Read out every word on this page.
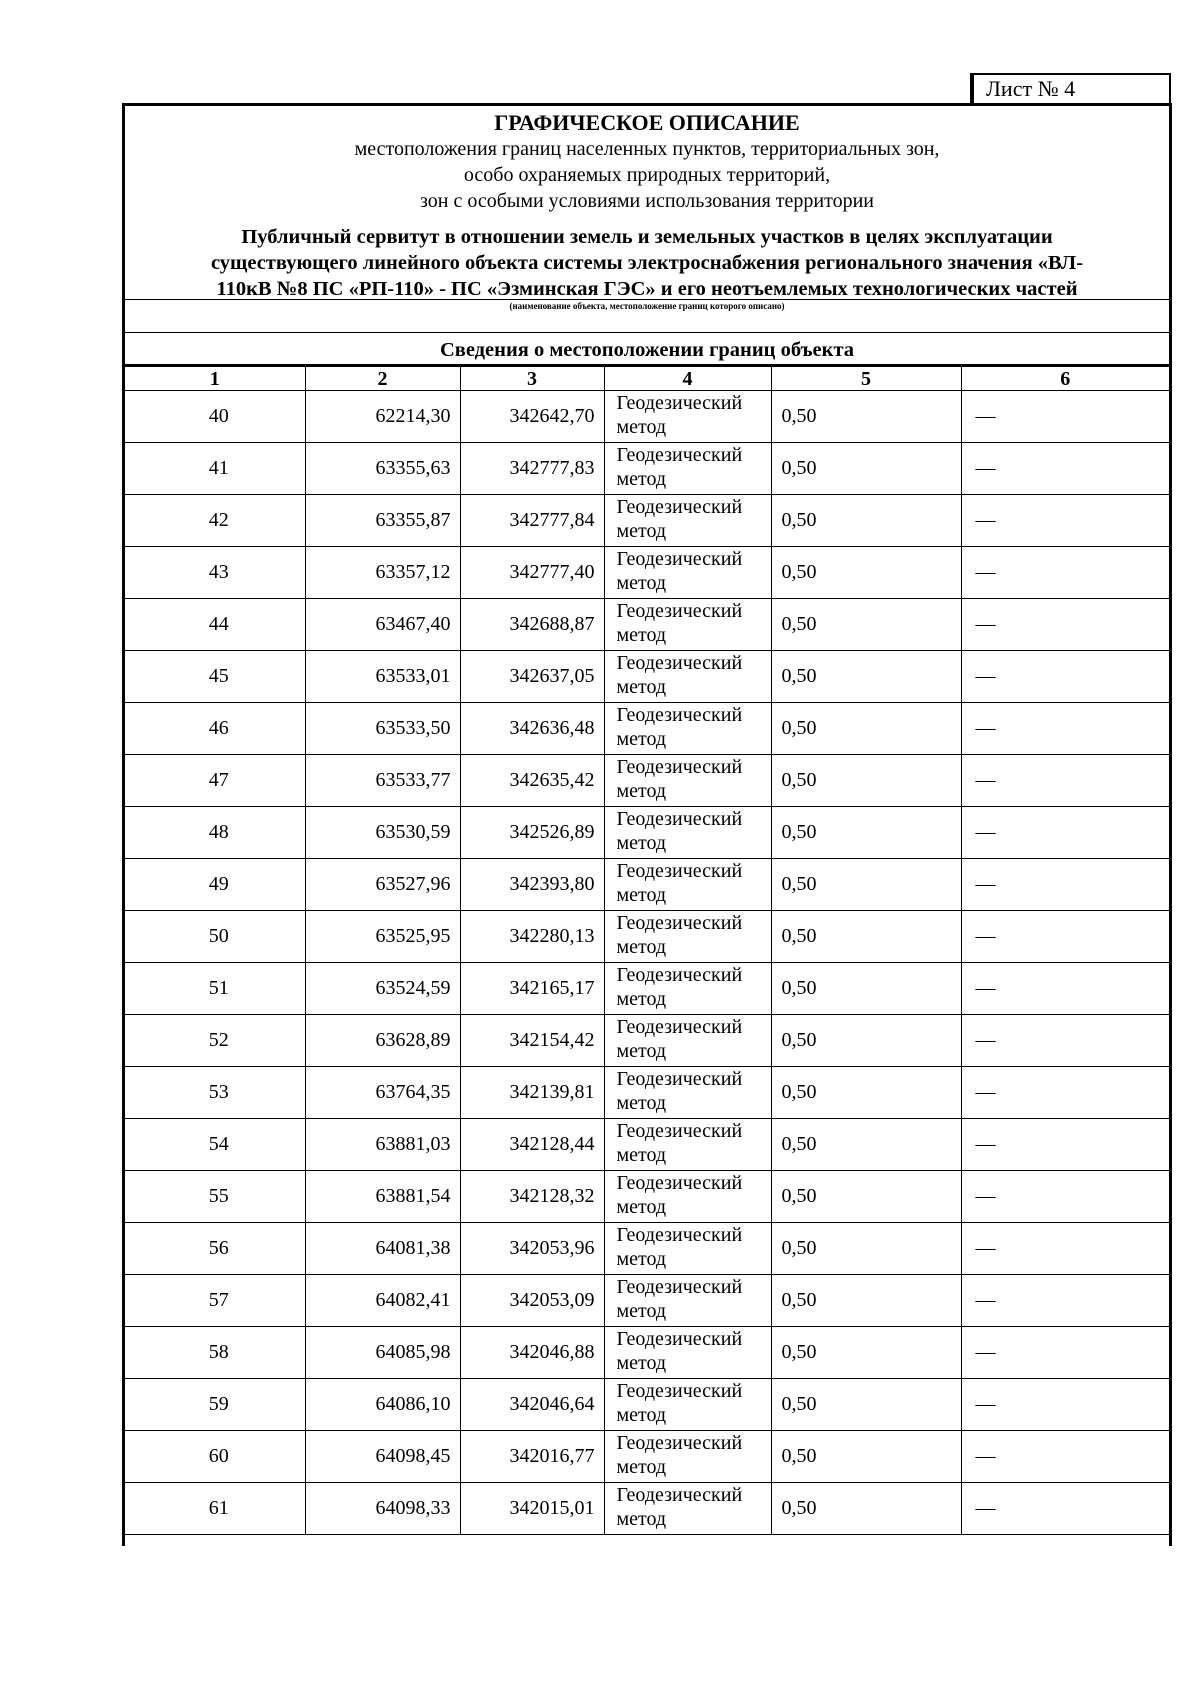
Лист № 4
ГРАФИЧЕСКОЕ ОПИСАНИЕ
местоположения границ населенных пунктов, территориальных зон,
особо охраняемых природных территорий,
зон с особыми условиями использования территории
Публичный сервитут в отношении земель и земельных участков в целях эксплуатации
существующего линейного объекта системы электроснабжения регионального значения «ВЛ-
110кВ №8 ПС «РП-110» - ПС «Эзминская ГЭС» и его неотъемлемых технологических частей
(наименование объекта, местоположение границ которого описано)
Сведения о местоположении границ объекта
1	2	3	4	5	6
40	62214,30	342642,70	Геодезический метод	0,50	—
41	63355,63	342777,83	Геодезический метод	0,50	—
42	63355,87	342777,84	Геодезический метод	0,50	—
43	63357,12	342777,40	Геодезический метод	0,50	—
44	63467,40	342688,87	Геодезический метод	0,50	—
45	63533,01	342637,05	Геодезический метод	0,50	—
46	63533,50	342636,48	Геодезический метод	0,50	—
47	63533,77	342635,42	Геодезический метод	0,50	—
48	63530,59	342526,89	Геодезический метод	0,50	—
49	63527,96	342393,80	Геодезический метод	0,50	—
50	63525,95	342280,13	Геодезический метод	0,50	—
51	63524,59	342165,17	Геодезический метод	0,50	—
52	63628,89	342154,42	Геодезический метод	0,50	—
53	63764,35	342139,81	Геодезический метод	0,50	—
54	63881,03	342128,44	Геодезический метод	0,50	—
55	63881,54	342128,32	Геодезический метод	0,50	—
56	64081,38	342053,96	Геодезический метод	0,50	—
57	64082,41	342053,09	Геодезический метод	0,50	—
58	64085,98	342046,88	Геодезический метод	0,50	—
59	64086,10	342046,64	Геодезический метод	0,50	—
60	64098,45	342016,77	Геодезический метод	0,50	—
61	64098,33	342015,01	Геодезический метод	0,50	—
